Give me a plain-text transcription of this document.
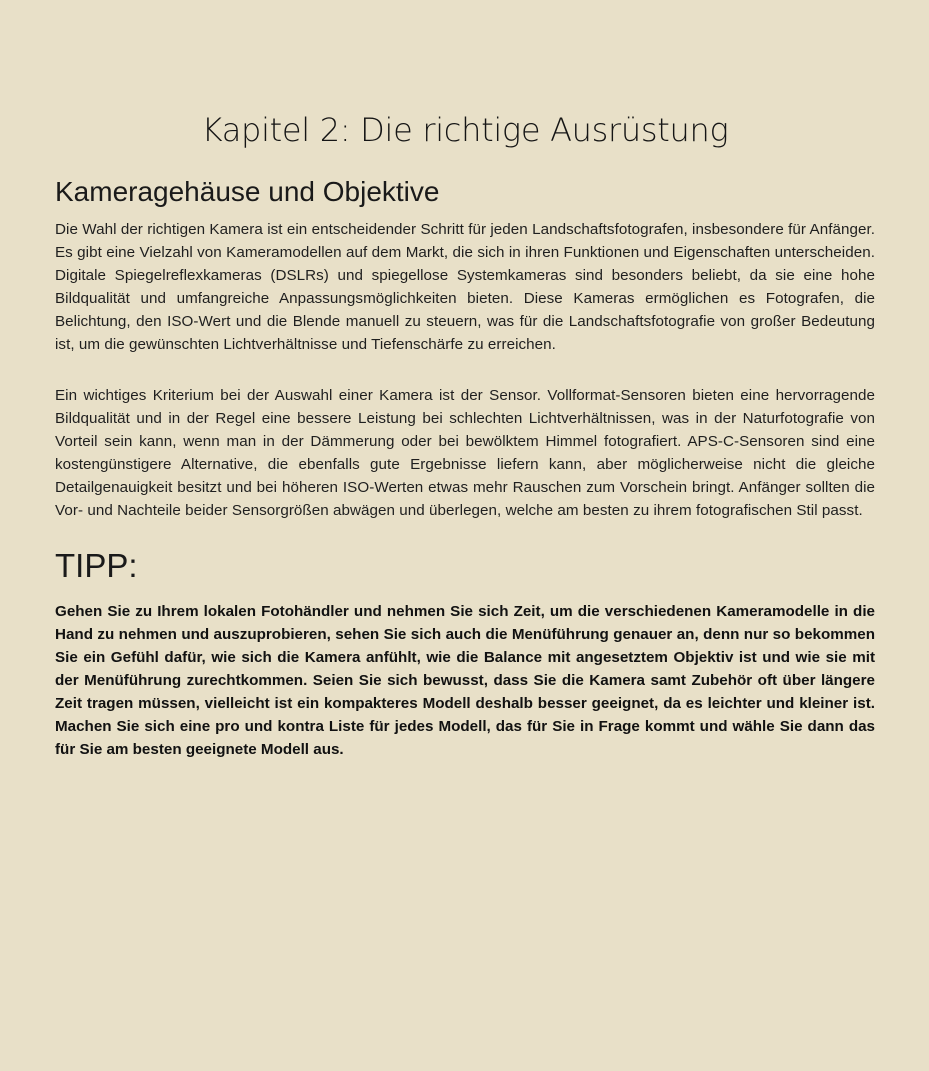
Kapitel 2: Die richtige Ausrüstung
Kameragehäuse und Objektive

Die Wahl der richtigen Kamera ist ein entscheidender Schritt für jeden Landschaftsfotografen, insbesondere für Anfänger. Es gibt eine Vielzahl von Kameramodellen auf dem Markt, die sich in ihren Funktionen und Eigenschaften unterscheiden. Digitale Spiegelreflexkameras (DSLRs) und spiegellose Systemkameras sind besonders beliebt, da sie eine hohe Bildqualität und umfangreiche Anpassungsmöglichkeiten bieten. Diese Kameras ermöglichen es Fotografen, die Belichtung, den ISO-Wert und die Blende manuell zu steuern, was für die Landschaftsfotografie von großer Bedeutung ist, um die gewünschten Lichtverhältnisse und Tiefenschärfe zu erreichen.

Ein wichtiges Kriterium bei der Auswahl einer Kamera ist der Sensor. Vollformat-Sensoren bieten eine hervorragende Bildqualität und in der Regel eine bessere Leistung bei schlechten Lichtverhältnissen, was in der Naturfotografie von Vorteil sein kann, wenn man in der Dämmerung oder bei bewölktem Himmel fotografiert. APS-C-Sensoren sind eine kostengünstigere Alternative, die ebenfalls gute Ergebnisse liefern kann, aber möglicherweise nicht die gleiche Detailgenauigkeit besitzt und bei höheren ISO-Werten etwas mehr Rauschen zum Vorschein bringt. Anfänger sollten die Vor- und Nachteile beider Sensorgrößen abwägen und überlegen, welche am besten zu ihrem fotografischen Stil passt.

TIPP:

Gehen Sie zu Ihrem lokalen Fotohändler und nehmen Sie sich Zeit, um die verschiedenen Kameramodelle in die Hand zu nehmen und auszuprobieren, sehen Sie sich auch die Menüführung genauer an, denn nur so bekommen Sie ein Gefühl dafür, wie sich die Kamera anfühlt, wie die Balance mit angesetztem Objektiv ist und wie sie mit der Menüführung zurechtkommen. Seien Sie sich bewusst, dass Sie die Kamera samt Zubehör oft über längere Zeit tragen müssen, vielleicht ist ein kompakteres Modell deshalb besser geeignet, da es leichter und kleiner ist. Machen Sie sich eine pro und kontra Liste für jedes Modell, das für Sie in Frage kommt und wähle Sie dann das für Sie am besten geeignete Modell aus.
